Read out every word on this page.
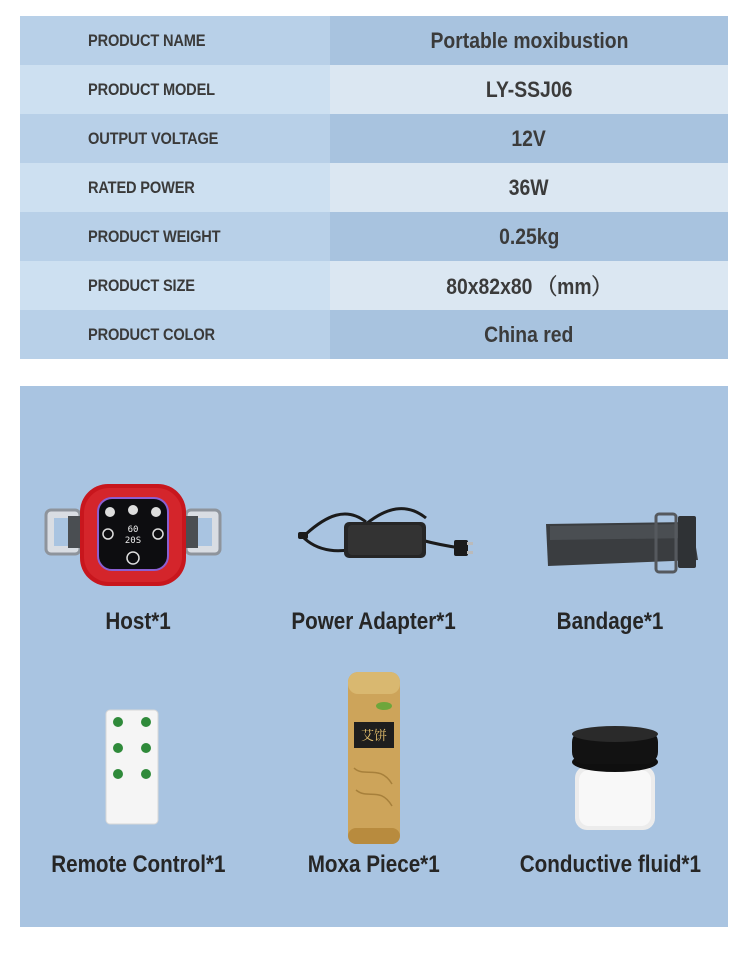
PRODUCT NAME	Portable moxibustion
PRODUCT MODEL	LY-SSJ06
OUTPUT VOLTAGE	12V
RATED POWER	36W
PRODUCT WEIGHT	0.25kg
PRODUCT SIZE	80x82x80 （mm）
PRODUCT COLOR	China red
60
20S
Host*1	Power Adapter*1	Bandage*1
Remote Control*1
艾饼
Moxa Piece*1	Conductive fluid*1
